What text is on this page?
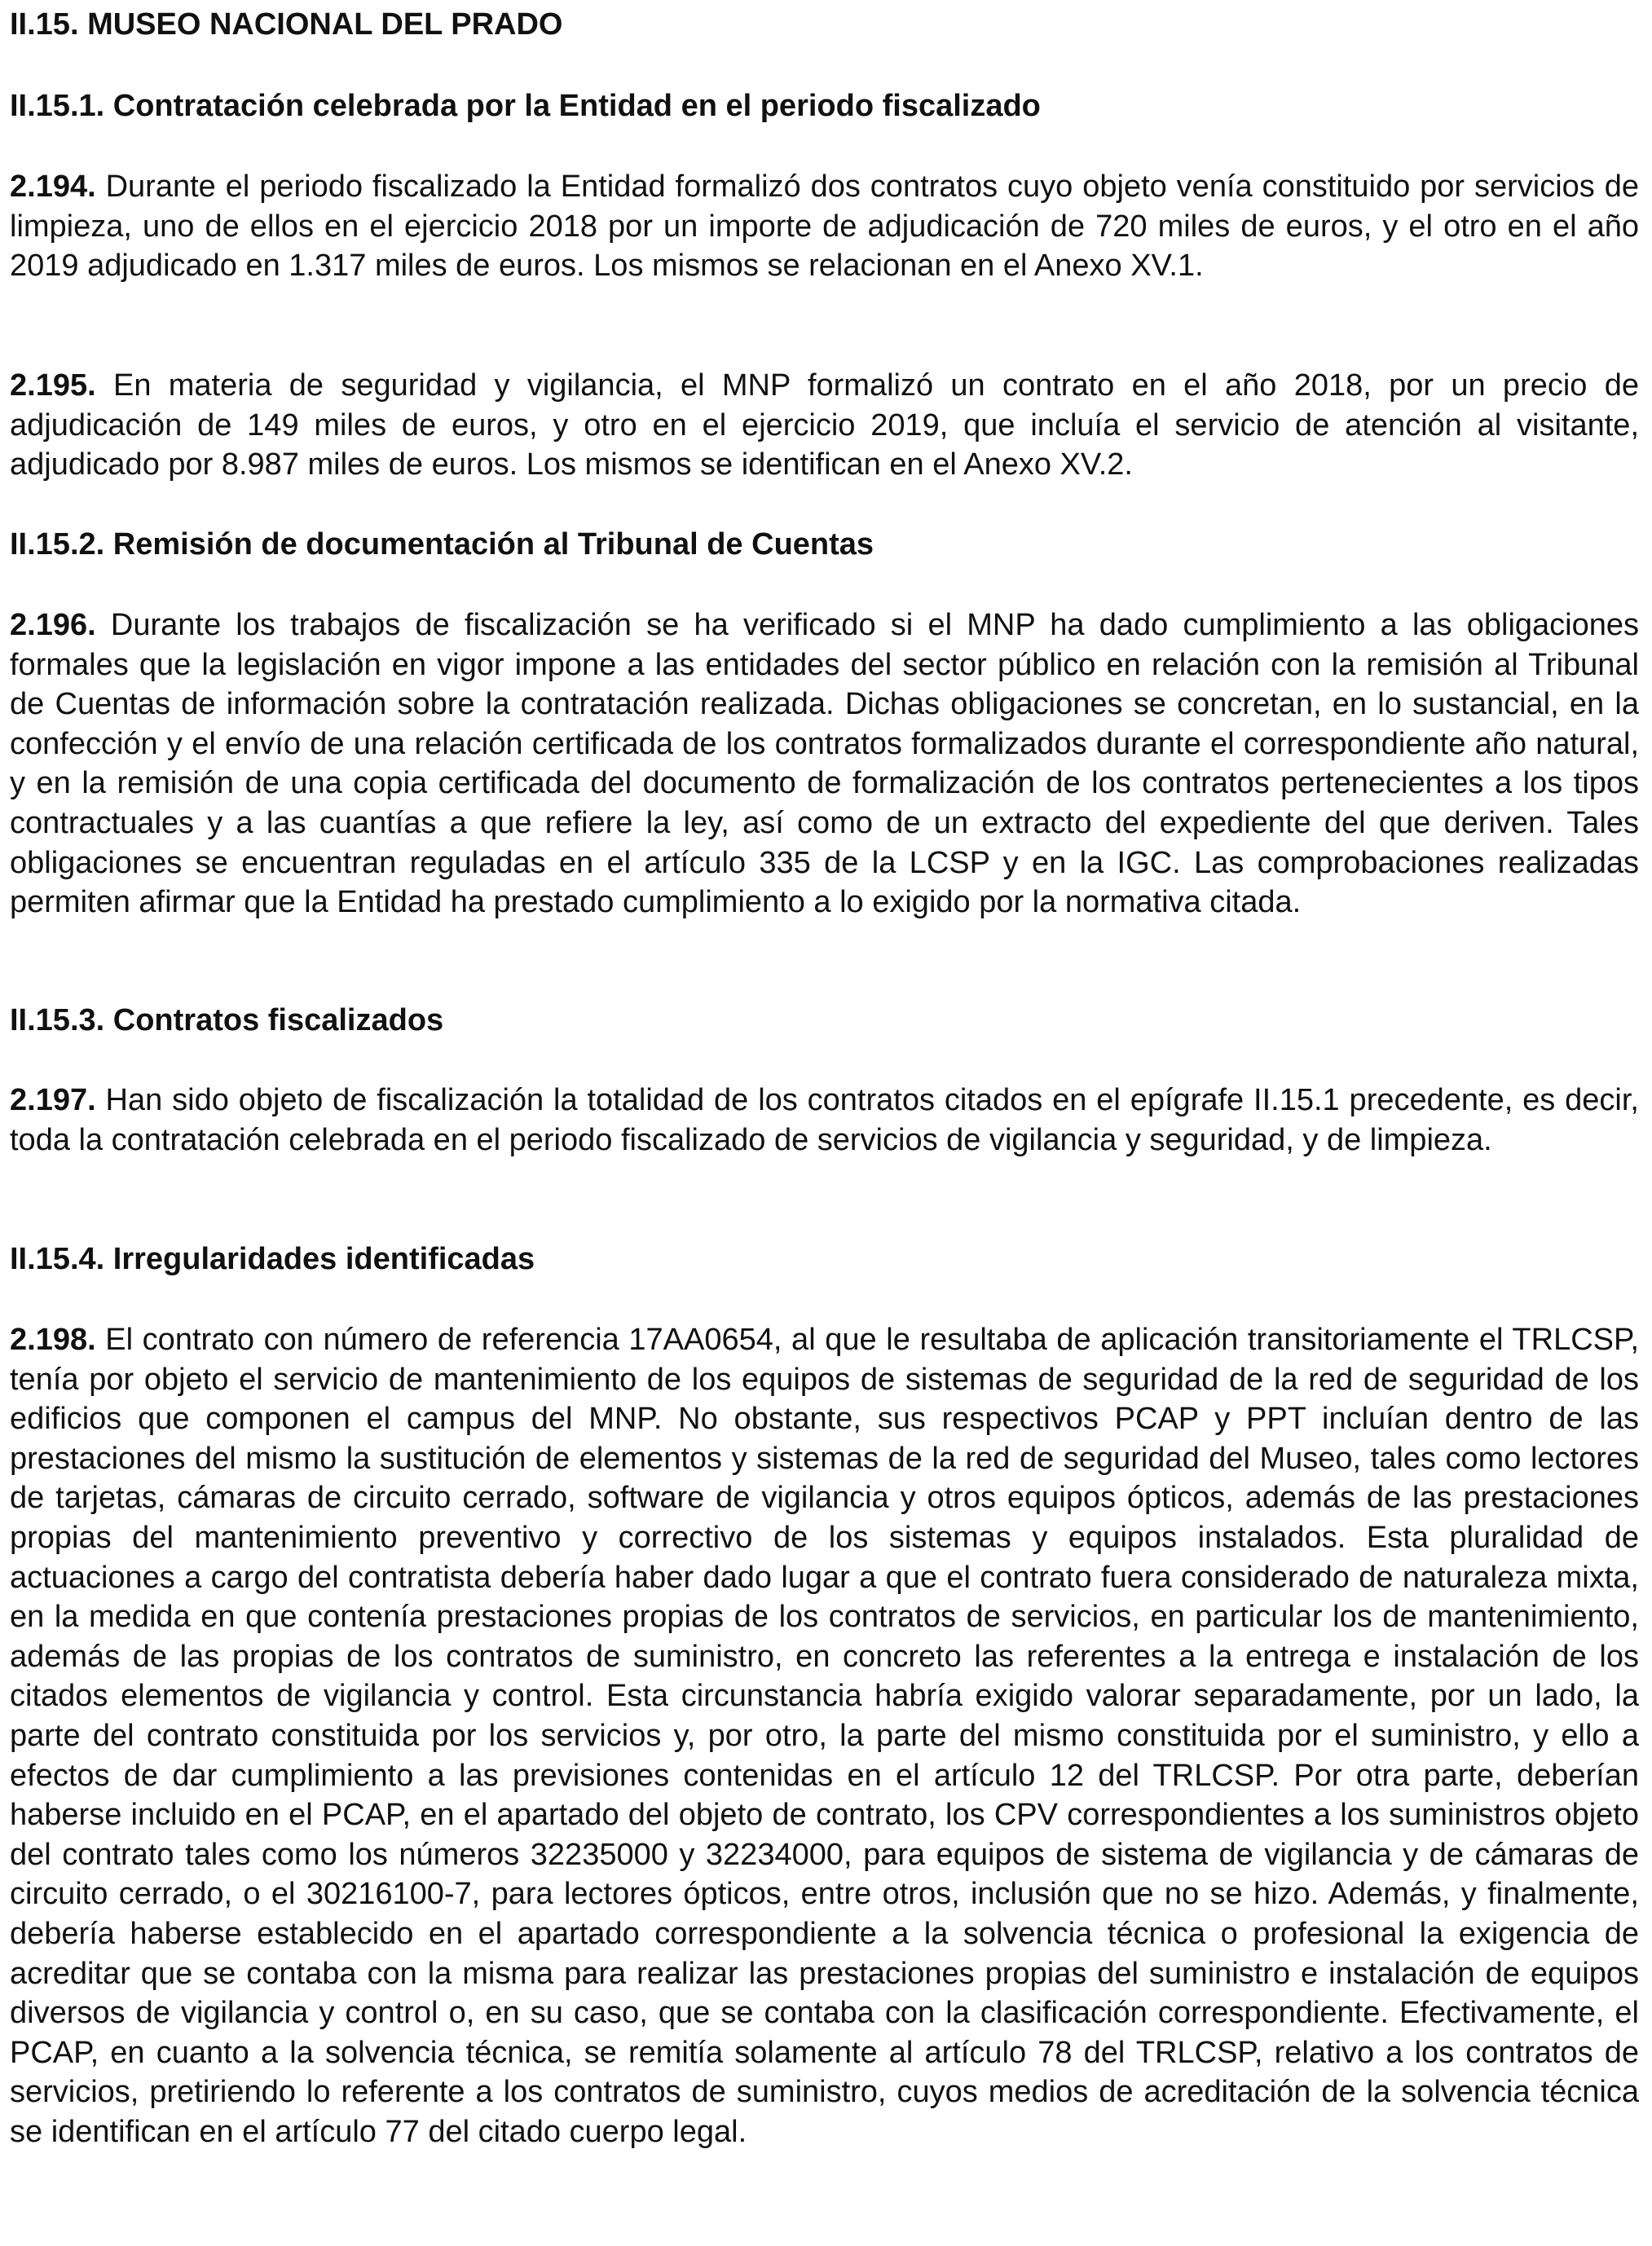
II.15. MUSEO NACIONAL DEL PRADO
II.15.1. Contratación celebrada por la Entidad en el periodo fiscalizado

2.194. Durante el periodo fiscalizado la Entidad formalizó dos contratos cuyo objeto venía constituido por servicios de limpieza, uno de ellos en el ejercicio 2018 por un importe de adjudicación de 720 miles de euros, y el otro en el año 2019 adjudicado en 1.317 miles de euros. Los mismos se relacionan en el Anexo XV.1.

2.195. En materia de seguridad y vigilancia, el MNP formalizó un contrato en el año 2018, por un precio de adjudicación de 149 miles de euros, y otro en el ejercicio 2019, que incluía el servicio de atención al visitante, adjudicado por 8.987 miles de euros. Los mismos se identifican en el Anexo XV.2.

II.15.2. Remisión de documentación al Tribunal de Cuentas

2.196. Durante los trabajos de fiscalización se ha verificado si el MNP ha dado cumplimiento a las obligaciones formales que la legislación en vigor impone a las entidades del sector público en relación con la remisión al Tribunal de Cuentas de información sobre la contratación realizada. Dichas obligaciones se concretan, en lo sustancial, en la confección y el envío de una relación certificada de los contratos formalizados durante el correspondiente año natural, y en la remisión de una copia certificada del documento de formalización de los contratos pertenecientes a los tipos contractuales y a las cuantías a que refiere la ley, así como de un extracto del expediente del que deriven. Tales obligaciones se encuentran reguladas en el artículo 335 de la LCSP y en la IGC. Las comprobaciones realizadas permiten afirmar que la Entidad ha prestado cumplimiento a lo exigido por la normativa citada.

II.15.3. Contratos fiscalizados

2.197. Han sido objeto de fiscalización la totalidad de los contratos citados en el epígrafe II.15.1 precedente, es decir, toda la contratación celebrada en el periodo fiscalizado de servicios de vigilancia y seguridad, y de limpieza.

II.15.4. Irregularidades identificadas

2.198. El contrato con número de referencia 17AA0654, al que le resultaba de aplicación transitoriamente el TRLCSP, tenía por objeto el servicio de mantenimiento de los equipos de sistemas de seguridad de la red de seguridad de los edificios que componen el campus del MNP. No obstante, sus respectivos PCAP y PPT incluían dentro de las prestaciones del mismo la sustitución de elementos y sistemas de la red de seguridad del Museo, tales como lectores de tarjetas, cámaras de circuito cerrado, software de vigilancia y otros equipos ópticos, además de las prestaciones propias del mantenimiento preventivo y correctivo de los sistemas y equipos instalados. Esta pluralidad de actuaciones a cargo del contratista debería haber dado lugar a que el contrato fuera considerado de naturaleza mixta, en la medida en que contenía prestaciones propias de los contratos de servicios, en particular los de mantenimiento, además de las propias de los contratos de suministro, en concreto las referentes a la entrega e instalación de los citados elementos de vigilancia y control. Esta circunstancia habría exigido valorar separadamente, por un lado, la parte del contrato constituida por los servicios y, por otro, la parte del mismo constituida por el suministro, y ello a efectos de dar cumplimiento a las previsiones contenidas en el artículo 12 del TRLCSP. Por otra parte, deberían haberse incluido en el PCAP, en el apartado del objeto de contrato, los CPV correspondientes a los suministros objeto del contrato tales como los números 32235000 y 32234000, para equipos de sistema de vigilancia y de cámaras de circuito cerrado, o el 30216100-7, para lectores ópticos, entre otros, inclusión que no se hizo. Además, y finalmente, debería haberse establecido en el apartado correspondiente a la solvencia técnica o profesional la exigencia de acreditar que se contaba con la misma para realizar las prestaciones propias del suministro e instalación de equipos diversos de vigilancia y control o, en su caso, que se contaba con la clasificación correspondiente. Efectivamente, el PCAP, en cuanto a la solvencia técnica, se remitía solamente al artículo 78 del TRLCSP, relativo a los contratos de servicios, pretiriendo lo referente a los contratos de suministro, cuyos medios de acreditación de la solvencia técnica se identifican en el artículo 77 del citado cuerpo legal.
